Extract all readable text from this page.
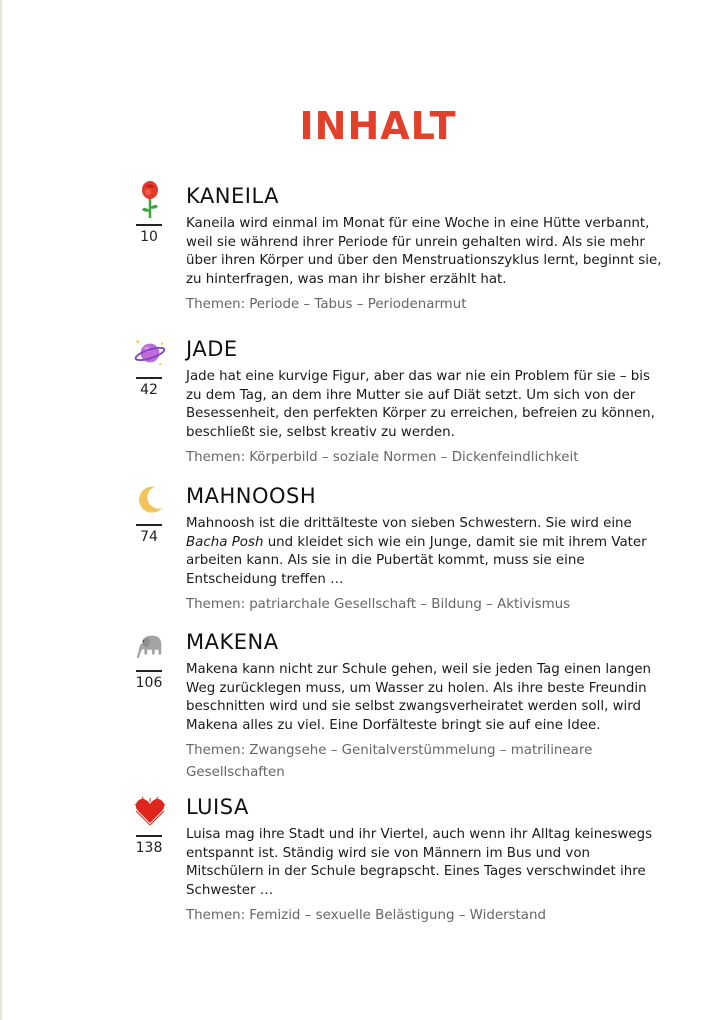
INHALT
10
KANEILA

Kaneila wird einmal im Monat für eine Woche in eine Hütte verbannt, weil sie während ihrer Periode für unrein gehalten wird. Als sie mehr über ihren Körper und über den Menstruationszyklus lernt, beginnt sie, zu hinterfragen, was man ihr bisher erzählt hat.

Themen: Periode – Tabus – Periodenarmut
42
JADE

Jade hat eine kurvige Figur, aber das war nie ein Problem für sie – bis zu dem Tag, an dem ihre Mutter sie auf Diät setzt. Um sich von der Besessenheit, den perfekten Körper zu erreichen, befreien zu können, beschließt sie, selbst kreativ zu werden.

Themen: Körperbild – soziale Normen – Dickenfeindlichkeit
74
MAHNOOSH

Mahnoosh ist die drittälteste von sieben Schwestern. Sie wird eine Bacha Posh und kleidet sich wie ein Junge, damit sie mit ihrem Vater arbeiten kann. Als sie in die Pubertät kommt, muss sie eine Entscheidung treffen …

Themen: patriarchale Gesellschaft – Bildung – Aktivismus
106
MAKENA

Makena kann nicht zur Schule gehen, weil sie jeden Tag einen langen Weg zurücklegen muss, um Wasser zu holen. Als ihre beste Freundin beschnitten wird und sie selbst zwangsverheiratet werden soll, wird Makena alles zu viel. Eine Dorfälteste bringt sie auf eine Idee.

Themen: Zwangsehe – Genitalverstümmelung – matrilineare Gesellschaften
138
LUISA

Luisa mag ihre Stadt und ihr Viertel, auch wenn ihr Alltag keineswegs entspannt ist. Ständig wird sie von Männern im Bus und von Mitschülern in der Schule begrapscht. Eines Tages verschwindet ihre Schwester …

Themen: Femizid – sexuelle Belästigung – Widerstand
